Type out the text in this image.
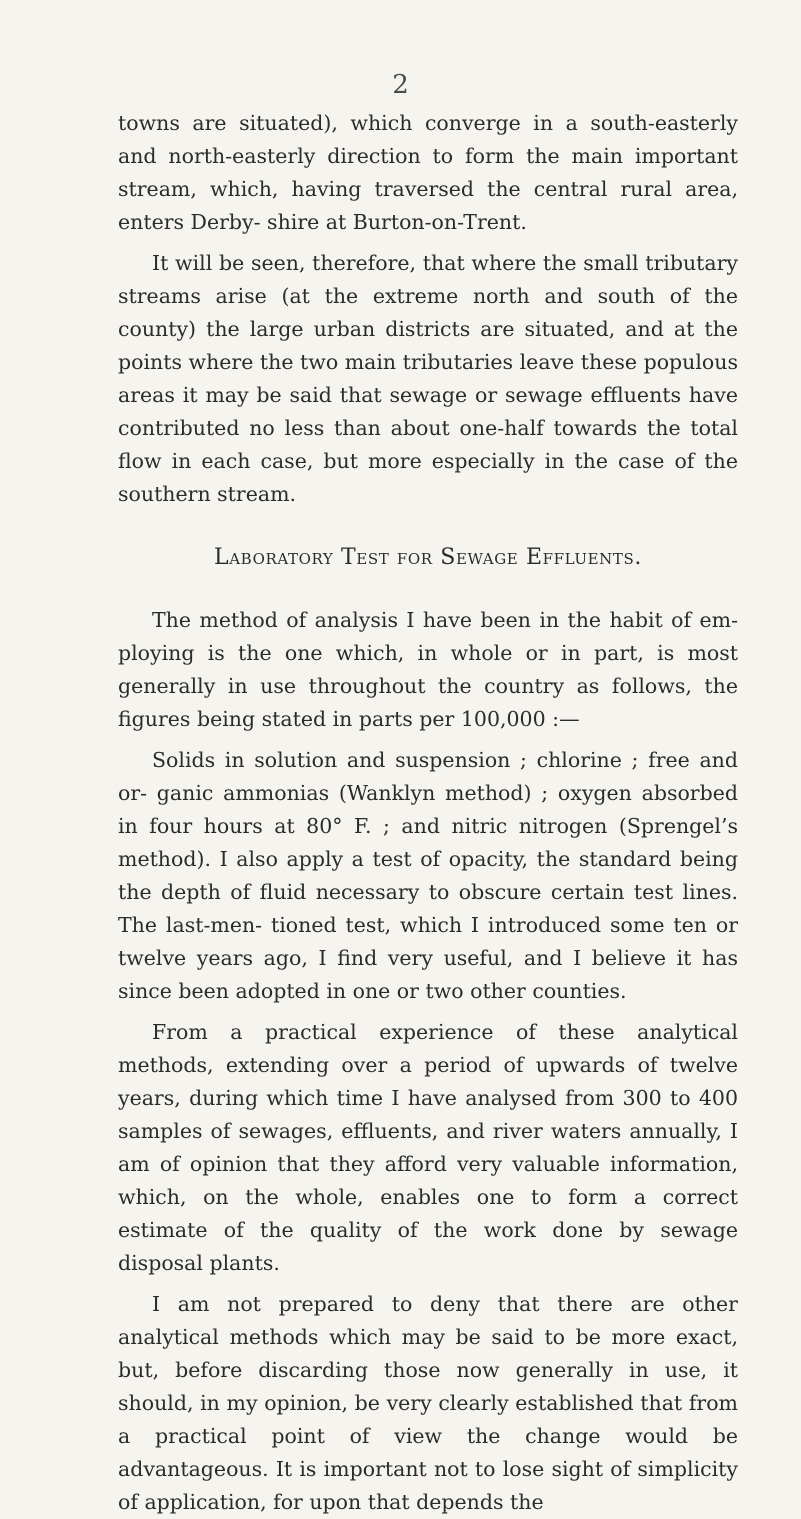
2

towns are situated), which converge in a south-easterly and north-easterly direction to form the main important stream, which, having traversed the central rural area, enters Derby- shire at Burton-on-Trent.

It will be seen, therefore, that where the small tributary streams arise (at the extreme north and south of the county) the large urban districts are situated, and at the points where the two main tributaries leave these populous areas it may be said that sewage or sewage effluents have contributed no less than about one-half towards the total flow in each case, but more especially in the case of the southern stream.

Laboratory Test for Sewage Effluents.

The method of analysis I have been in the habit of em- ploying is the one which, in whole or in part, is most generally in use throughout the country as follows, the figures being stated in parts per 100,000 :—

Solids in solution and suspension ; chlorine ; free and or- ganic ammonias (Wanklyn method) ; oxygen absorbed in four hours at 80° F. ; and nitric nitrogen (Sprengel’s method). I also apply a test of opacity, the standard being the depth of fluid necessary to obscure certain test lines. The last-men- tioned test, which I introduced some ten or twelve years ago, I find very useful, and I believe it has since been adopted in one or two other counties.

From a practical experience of these analytical methods, extending over a period of upwards of twelve years, during which time I have analysed from 300 to 400 samples of sewages, effluents, and river waters annually, I am of opinion that they afford very valuable information, which, on the whole, enables one to form a correct estimate of the quality of the work done by sewage disposal plants.

I am not prepared to deny that there are other analytical methods which may be said to be more exact, but, before discarding those now generally in use, it should, in my opinion, be very clearly established that from a practical point of view the change would be advantageous. It is important not to lose sight of simplicity of application, for upon that depends the
